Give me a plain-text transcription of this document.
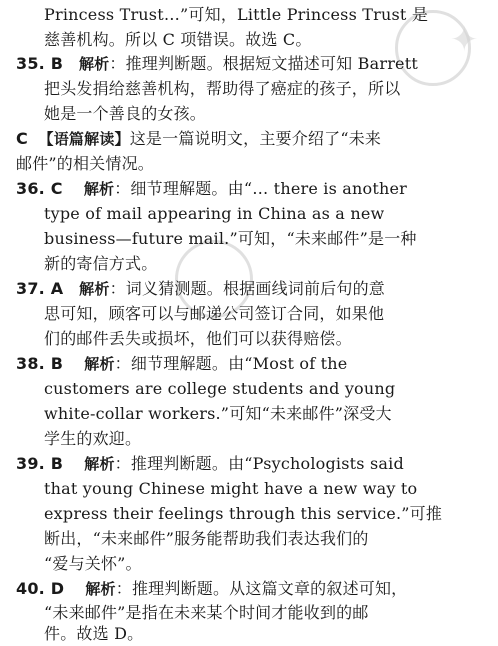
✦
Princess Trust…”可知，Little Princess Trust 是
慈善机构。所以 C 项错误。故选 C。
35. B 解析：推理判断题。根据短文描述可知 Barrett
把头发捐给慈善机构，帮助得了癌症的孩子，所以
她是一个善良的女孩。
C 【语篇解读】这是一篇说明文，主要介绍了“未来
邮件”的相关情况。
36. C 解析：细节理解题。由“… there is another
type of mail appearing in China as a new
business—future mail.”可知，“未来邮件”是一种
新的寄信方式。
37. A 解析：词义猜测题。根据画线词前后句的意
思可知，顾客可以与邮递公司签订合同，如果他
们的邮件丢失或损坏，他们可以获得赔偿。
38. B 解析：细节理解题。由“Most of the
customers are college students and young
white-collar workers.”可知“未来邮件”深受大
学生的欢迎。
39. B 解析：推理判断题。由“Psychologists said
that young Chinese might have a new way to
express their feelings through this service.”可推
断出，“未来邮件”服务能帮助我们表达我们的
“爱与关怀”。
40. D 解析：推理判断题。从这篇文章的叙述可知，
“未来邮件”是指在未来某个时间才能收到的邮
件。故选 D。
